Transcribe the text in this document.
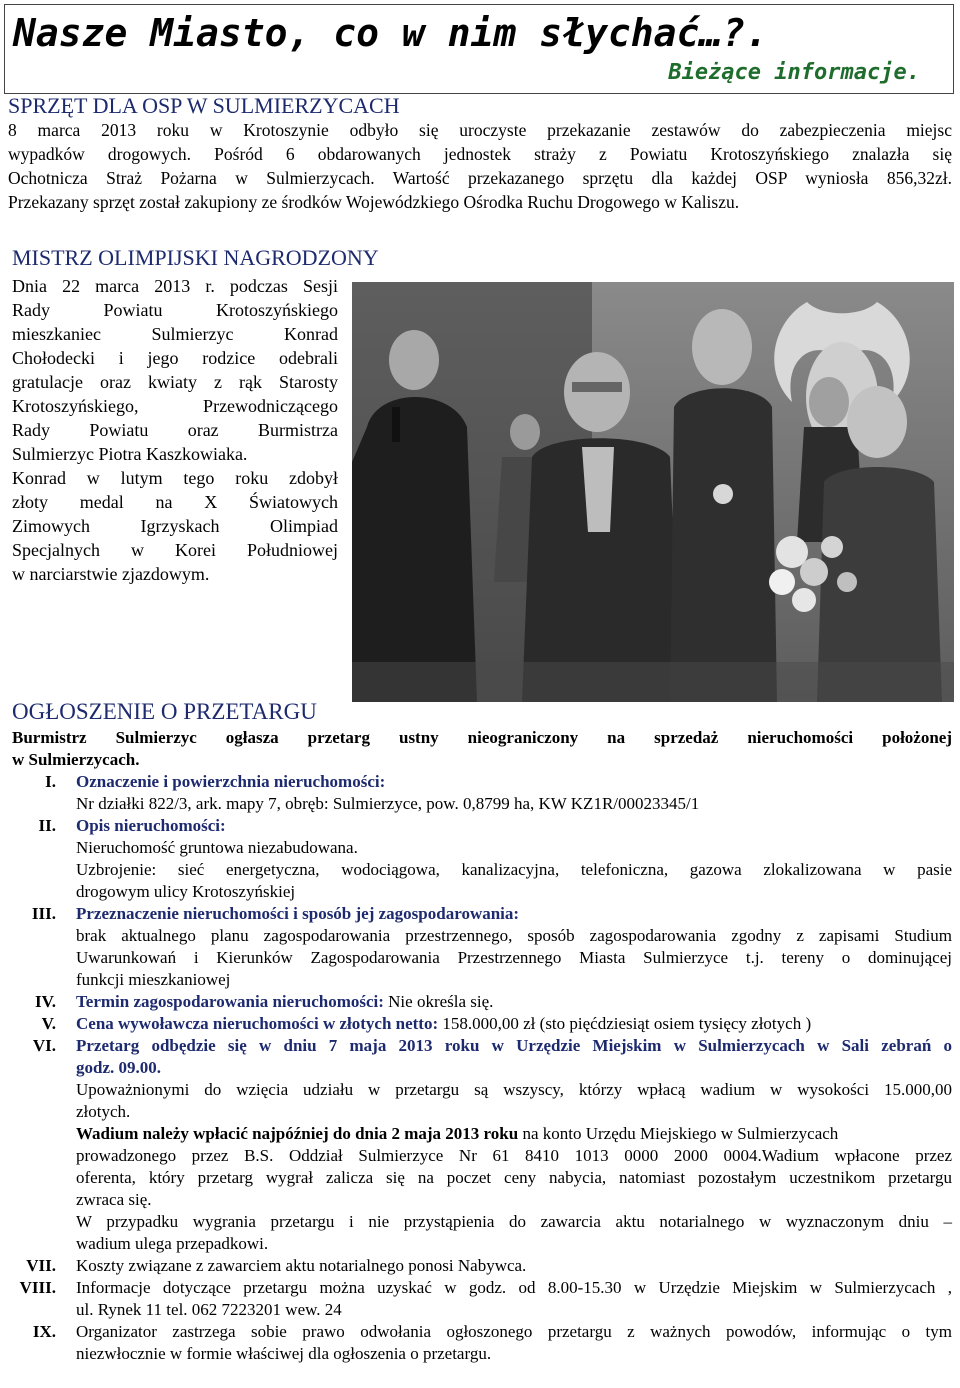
Nasze Miasto, co w nim słychać…?.
Bieżące informacje.
SPRZĘT DLA OSP W SULMIERZYCACH
8 marca 2013 roku w Krotoszynie odbyło się uroczyste przekazanie zestawów do zabezpieczenia miejsc
wypadków drogowych. Pośród 6 obdarowanych jednostek straży z Powiatu Krotoszyńskiego znalazła się
Ochotnicza Straż Pożarna w Sulmierzycach. Wartość przekazanego sprzętu dla każdej OSP wyniosła 856,32zł.
Przekazany sprzęt został zakupiony ze środków Wojewódzkiego Ośrodka Ruchu Drogowego w Kaliszu.
MISTRZ OLIMPIJSKI NAGRODZONY
Dnia 22 marca 2013 r. podczas Sesji
Rady Powiatu Krotoszyńskiego
mieszkaniec Sulmierzyc Konrad
Chołodecki i jego rodzice odebrali
gratulacje oraz kwiaty z rąk Starosty
Krotoszyńskiego, Przewodniczącego
Rady Powiatu oraz Burmistrza
Sulmierzyc Piotra Kaszkowiaka.
Konrad w lutym tego roku zdobył
złoty medal na X Światowych
Zimowych Igrzyskach Olimpiad
Specjalnych w Korei Południowej
w narciarstwie zjazdowym.
OGŁOSZENIE O PRZETARGU
Burmistrz Sulmierzyc ogłasza przetarg ustny nieograniczony na sprzedaż nieruchomości położonej
w Sulmierzycach.
I. Oznaczenie i powierzchnia nieruchomości:
Nr działki 822/3, ark. mapy 7, obręb: Sulmierzyce, pow. 0,8799 ha, KW KZ1R/00023345/1
II. Opis nieruchomości:
Nieruchomość gruntowa niezabudowana.
Uzbrojenie: sieć energetyczna, wodociągowa, kanalizacyjna, telefoniczna, gazowa zlokalizowana w pasie
drogowym ulicy Krotoszyńskiej
III. Przeznaczenie nieruchomości i sposób jej zagospodarowania:
brak aktualnego planu zagospodarowania przestrzennego, sposób zagospodarowania zgodny z zapisami Studium
Uwarunkowań i Kierunków Zagospodarowania Przestrzennego Miasta Sulmierzyce t.j. tereny o dominującej
funkcji mieszkaniowej
IV. Termin zagospodarowania nieruchomości: Nie określa się.
V. Cena wywoławcza nieruchomości w złotych netto: 158.000,00 zł (sto pięćdziesiąt osiem tysięcy złotych )
VI. Przetarg odbędzie się w dniu 7 maja 2013 roku w Urzędzie Miejskim w Sulmierzycach w Sali zebrań o
godz. 09.00.
Upoważnionymi do wzięcia udziału w przetargu są wszyscy, którzy wpłacą wadium w wysokości 15.000,00
złotych.
Wadium należy wpłacić najpóźniej do dnia 2 maja 2013 roku na konto Urzędu Miejskiego w Sulmierzycach
prowadzonego przez B.S. Oddział Sulmierzyce Nr 61 8410 1013 0000 2000 0004.Wadium wpłacone przez
oferenta, który przetarg wygrał zalicza się na poczet ceny nabycia, natomiast pozostałym uczestnikom przetargu
zwraca się.
W przypadku wygrania przetargu i nie przystąpienia do zawarcia aktu notarialnego w wyznaczonym dniu –
wadium ulega przepadkowi.
VII. Koszty związane z zawarciem aktu notarialnego ponosi Nabywca.
VIII. Informacje dotyczące przetargu można uzyskać w godz. od 8.00-15.30 w Urzędzie Miejskim w Sulmierzycach ,
ul. Rynek 11 tel. 062 7223201 wew. 24
IX. Organizator zastrzega sobie prawo odwołania ogłoszonego przetargu z ważnych powodów, informując o tym
niezwłocznie w formie właściwej dla ogłoszenia o przetargu.
